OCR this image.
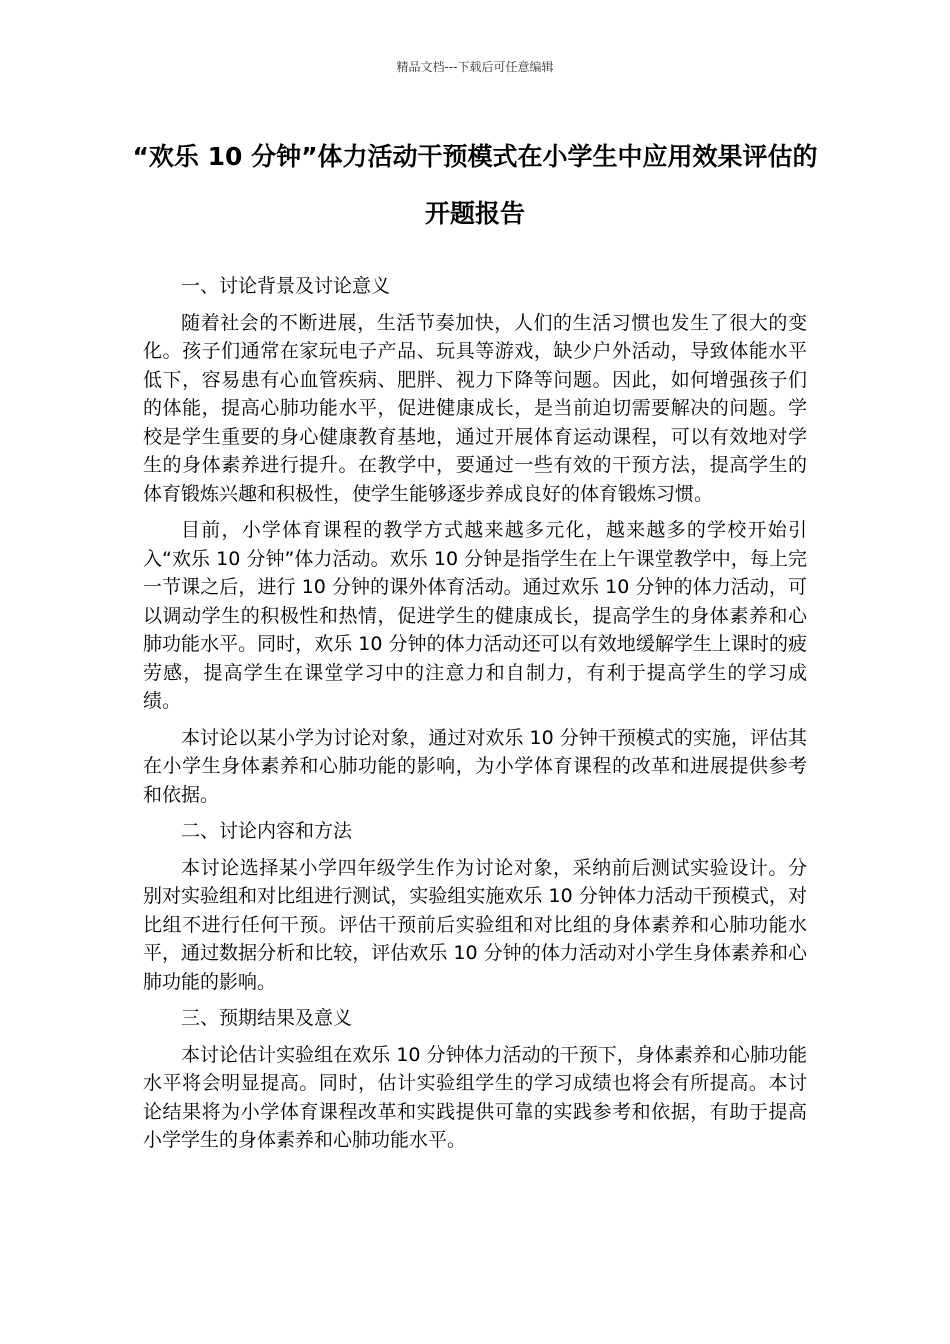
精品文档---下载后可任意编辑
“欢乐 10 分钟”体力活动干预模式在小学生中应用效果评估的开题报告
一、讨论背景及讨论意义

随着社会的不断进展，生活节奏加快，人们的生活习惯也发生了很大的变化。孩子们通常在家玩电子产品、玩具等游戏，缺少户外活动，导致体能水平低下，容易患有心血管疾病、肥胖、视力下降等问题。因此，如何增强孩子们的体能，提高心肺功能水平，促进健康成长，是当前迫切需要解决的问题。学校是学生重要的身心健康教育基地，通过开展体育运动课程，可以有效地对学生的身体素养进行提升。在教学中，要通过一些有效的干预方法，提高学生的体育锻炼兴趣和积极性，使学生能够逐步养成良好的体育锻炼习惯。

目前，小学体育课程的教学方式越来越多元化，越来越多的学校开始引入“欢乐 10 分钟”体力活动。欢乐 10 分钟是指学生在上午课堂教学中，每上完一节课之后，进行 10 分钟的课外体育活动。通过欢乐 10 分钟的体力活动，可以调动学生的积极性和热情，促进学生的健康成长，提高学生的身体素养和心肺功能水平。同时，欢乐 10 分钟的体力活动还可以有效地缓解学生上课时的疲劳感，提高学生在课堂学习中的注意力和自制力，有利于提高学生的学习成绩。

本讨论以某小学为讨论对象，通过对欢乐 10 分钟干预模式的实施，评估其在小学生身体素养和心肺功能的影响，为小学体育课程的改革和进展提供参考和依据。

二、讨论内容和方法

本讨论选择某小学四年级学生作为讨论对象，采纳前后测试实验设计。分别对实验组和对比组进行测试，实验组实施欢乐 10 分钟体力活动干预模式，对比组不进行任何干预。评估干预前后实验组和对比组的身体素养和心肺功能水平，通过数据分析和比较，评估欢乐 10 分钟的体力活动对小学生身体素养和心肺功能的影响。

三、预期结果及意义

本讨论估计实验组在欢乐 10 分钟体力活动的干预下，身体素养和心肺功能水平将会明显提高。同时，估计实验组学生的学习成绩也将会有所提高。本讨论结果将为小学体育课程改革和实践提供可靠的实践参考和依据，有助于提高小学学生的身体素养和心肺功能水平。
